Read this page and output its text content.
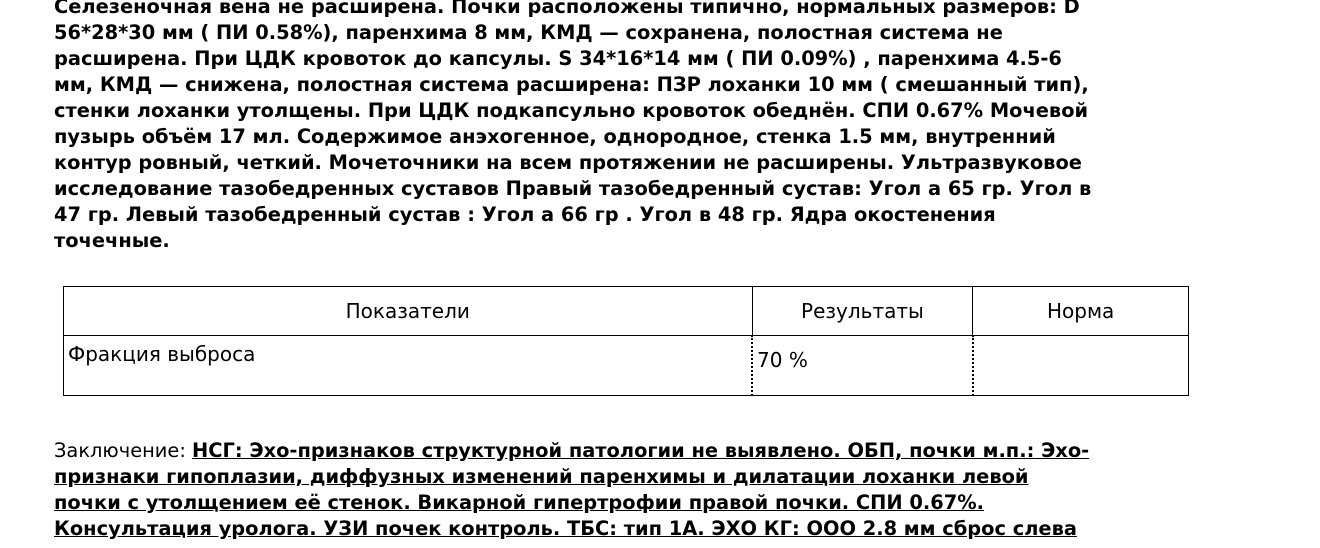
Селезеночная вена не расширена. Почки расположены типично, нормальных размеров: D
56*28*30 мм ( ПИ 0.58%), паренхима 8 мм, КМД — сохранена, полостная система не
расширена. При ЦДК кровоток до капсулы. S 34*16*14 мм ( ПИ 0.09%) , паренхима 4.5-6
мм, КМД — снижена, полостная система расширена: ПЗР лоханки 10 мм ( смешанный тип),
стенки лоханки утолщены. При ЦДК подкапсульно кровоток обеднён. СПИ 0.67% Мочевой
пузырь объём 17 мл. Содержимое анэхогенное, однородное, стенка 1.5 мм, внутренний
контур ровный, четкий. Мочеточники на всем протяжении не расширены. Ультразвуковое
исследование тазобедренных суставов Правый тазобедренный сустав: Угол a 65 гр. Угол в
47 гр. Левый тазобедренный сустав : Угол a 66 гр . Угол в 48 гр. Ядра окостенения
точечные.
Показатели	Результаты	Норма
Фракция выброса	70 %	
Заключение: НСГ: Эхо-признаков структурной патологии не выявлено. ОБП, почки м.п.: Эхо-
признаки гипоплазии, диффузных изменений паренхимы и дилатации лоханки левой
почки с утолщением её стенок. Викарной гипертрофии правой почки. СПИ 0.67%.
Консультация уролога. УЗИ почек контроль. ТБС: тип 1А. ЭХО КГ: ООО 2.8 мм сброс слева
